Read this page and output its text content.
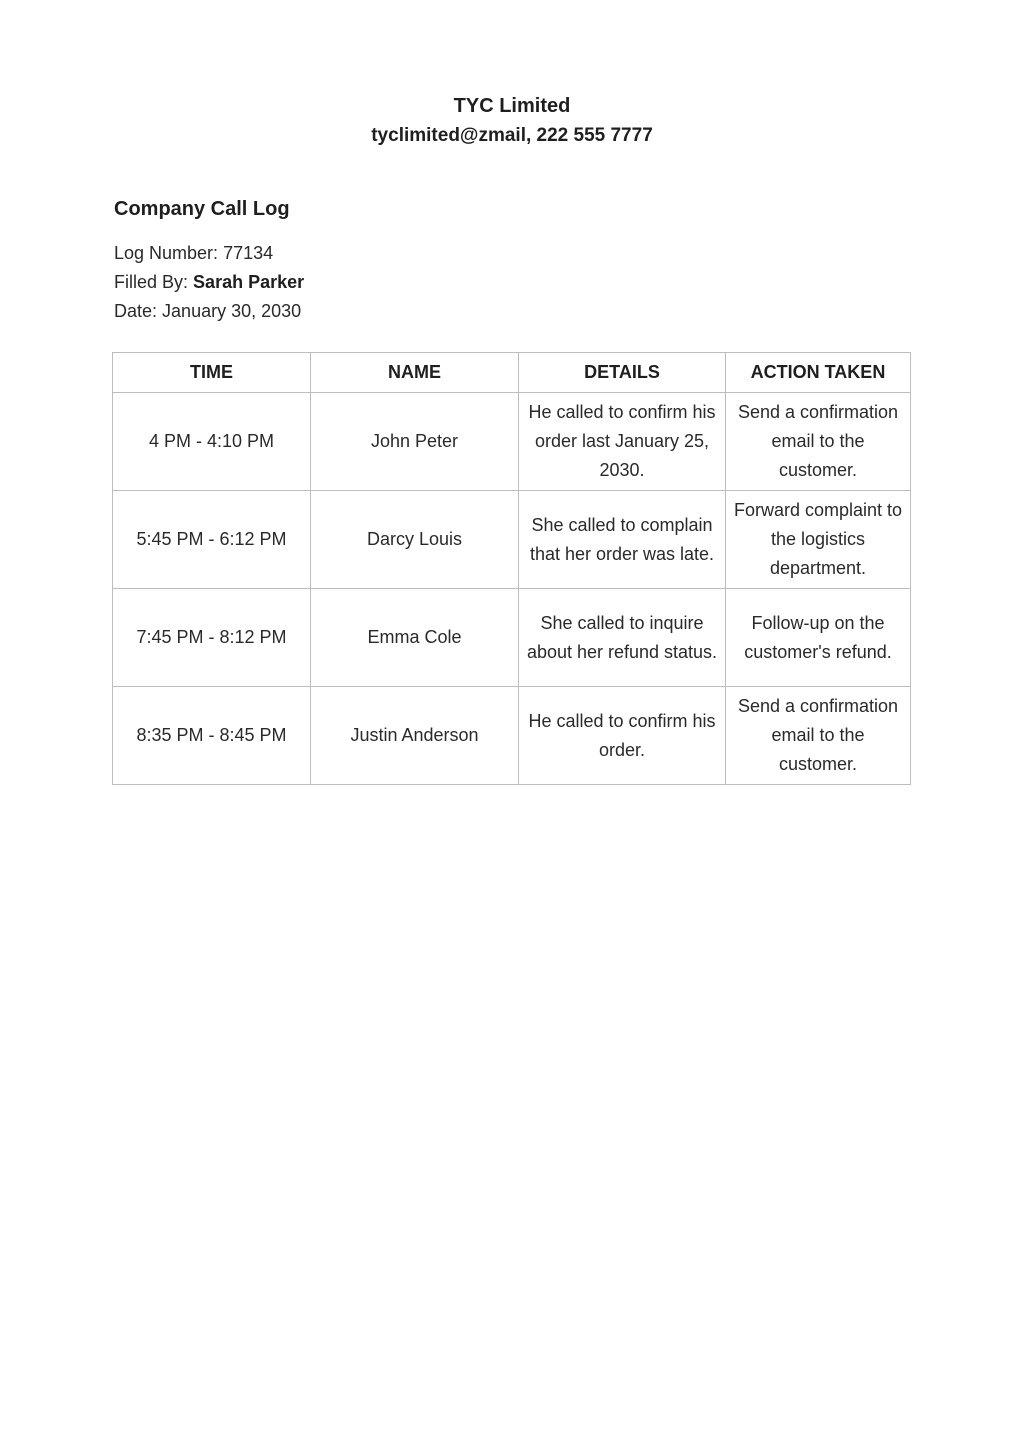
TYC Limited
tyclimited@zmail, 222 555 7777
Company Call Log
Log Number: 77134
Filled By: Sarah Parker
Date: January 30, 2030
TIME	NAME	DETAILS	ACTION TAKEN
4 PM - 4:10 PM	John Peter	He called to confirm his order last January 25, 2030.	Send a confirmation email to the customer.
5:45 PM - 6:12 PM	Darcy Louis	She called to complain that her order was late.	Forward complaint to the logistics department.
7:45 PM - 8:12 PM	Emma Cole	She called to inquire about her refund status.	Follow-up on the customer's refund.
8:35 PM - 8:45 PM	Justin Anderson	He called to confirm his order.	Send a confirmation email to the customer.
